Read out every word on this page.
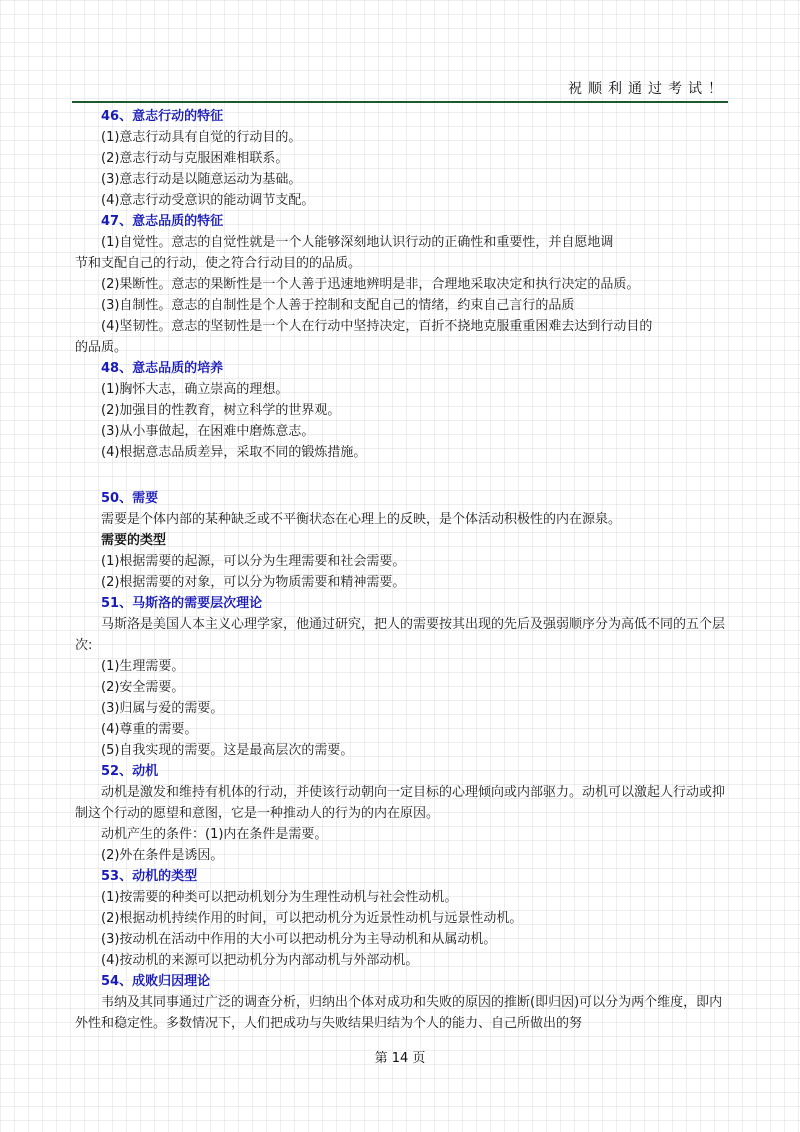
祝顺利通过考试！

46、意志行动的特征

(1)意志行动具有自觉的行动目的。

(2)意志行动与克服困难相联系。

(3)意志行动是以随意运动为基础。

(4)意志行动受意识的能动调节支配。

47、意志品质的特征

(1)自觉性。意志的自觉性就是一个人能够深刻地认识行动的正确性和重要性，并自愿地调

节和支配自己的行动，使之符合行动目的的品质。

(2)果断性。意志的果断性是一个人善于迅速地辨明是非，合理地采取决定和执行决定的品质。

(3)自制性。意志的自制性是个人善于控制和支配自己的情绪，约束自己言行的品质

(4)坚韧性。意志的坚韧性是一个人在行动中坚持决定，百折不挠地克服重重困难去达到行动目的

的品质。

48、意志品质的培养

(1)胸怀大志，确立崇高的理想。

(2)加强目的性教育，树立科学的世界观。

(3)从小事做起，在困难中磨炼意志。

(4)根据意志品质差异，采取不同的锻炼措施。

50、需要

需要是个体内部的某种缺乏或不平衡状态在心理上的反映，是个体活动积极性的内在源泉。

需要的类型

(1)根据需要的起源，可以分为生理需要和社会需要。

(2)根据需要的对象，可以分为物质需要和精神需要。

51、马斯洛的需要层次理论

马斯洛是美国人本主义心理学家，他通过研究，把人的需要按其出现的先后及强弱顺序分为高低不同的五个层次:

(1)生理需要。

(2)安全需要。

(3)归属与爱的需要。

(4)尊重的需要。

(5)自我实现的需要。这是最高层次的需要。

52、动机

动机是激发和维持有机体的行动，并使该行动朝向一定目标的心理倾向或内部驱力。动机可以激起人行动或抑制这个行动的愿望和意图，它是一种推动人的行为的内在原因。

动机产生的条件：(1)内在条件是需要。

(2)外在条件是诱因。

53、动机的类型

(1)按需要的种类可以把动机划分为生理性动机与社会性动机。

(2)根据动机持续作用的时间，可以把动机分为近景性动机与远景性动机。

(3)按动机在活动中作用的大小可以把动机分为主导动机和从属动机。

(4)按动机的来源可以把动机分为内部动机与外部动机。

54、成败归因理论

韦纳及其同事通过广泛的调查分析，归纳出个体对成功和失败的原因的推断(即归因)可以分为两个维度，即内外性和稳定性。多数情况下，人们把成功与失败结果归结为个人的能力、自己所做出的努

第 14 页
